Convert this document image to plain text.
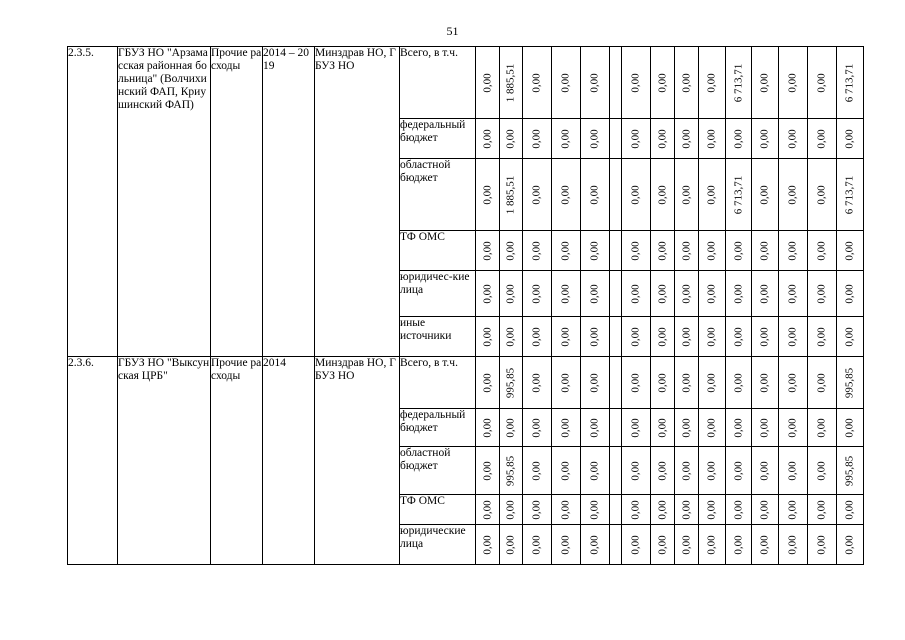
51
2.3.5.	ГБУЗ НО "Арзамасская районная больница" (Волчихинский ФАП, Криушинский ФАП)	Прочие расходы	2014 – 2019	Минздрав НО, ГБУЗ НО	Всего, в т.ч.	0,00	1 885,51	0,00	0,00	0,00		0,00	0,00	0,00	0,00	6 713,71	0,00	0,00	0,00	6 713,71

					федеральный бюджет	0,00	0,00	0,00	0,00	0,00		0,00	0,00	0,00	0,00	0,00	0,00	0,00	0,00	0,00

					областной бюджет	0,00	1 885,51	0,00	0,00	0,00		0,00	0,00	0,00	0,00	6 713,71	0,00	0,00	0,00	6 713,71

					ТФ ОМС	0,00	0,00	0,00	0,00	0,00		0,00	0,00	0,00	0,00	0,00	0,00	0,00	0,00	0,00

					юридичес-кие лица	0,00	0,00	0,00	0,00	0,00		0,00	0,00	0,00	0,00	0,00	0,00	0,00	0,00	0,00

					иные источники	0,00	0,00	0,00	0,00	0,00		0,00	0,00	0,00	0,00	0,00	0,00	0,00	0,00	0,00

2.3.6.	ГБУЗ НО "Выксунская ЦРБ"	Прочие расходы	2014	Минздрав НО, ГБУЗ НО	Всего, в т.ч.	0,00	995,85	0,00	0,00	0,00		0,00	0,00	0,00	0,00	0,00	0,00	0,00	0,00	995,85

					федеральный бюджет	0,00	0,00	0,00	0,00	0,00		0,00	0,00	0,00	0,00	0,00	0,00	0,00	0,00	0,00

					областной бюджет	0,00	995,85	0,00	0,00	0,00		0,00	0,00	0,00	0,00	0,00	0,00	0,00	0,00	995,85

					ТФ ОМС	0,00	0,00	0,00	0,00	0,00		0,00	0,00	0,00	0,00	0,00	0,00	0,00	0,00	0,00

					юридические лица	0,00	0,00	0,00	0,00	0,00		0,00	0,00	0,00	0,00	0,00	0,00	0,00	0,00	0,00
